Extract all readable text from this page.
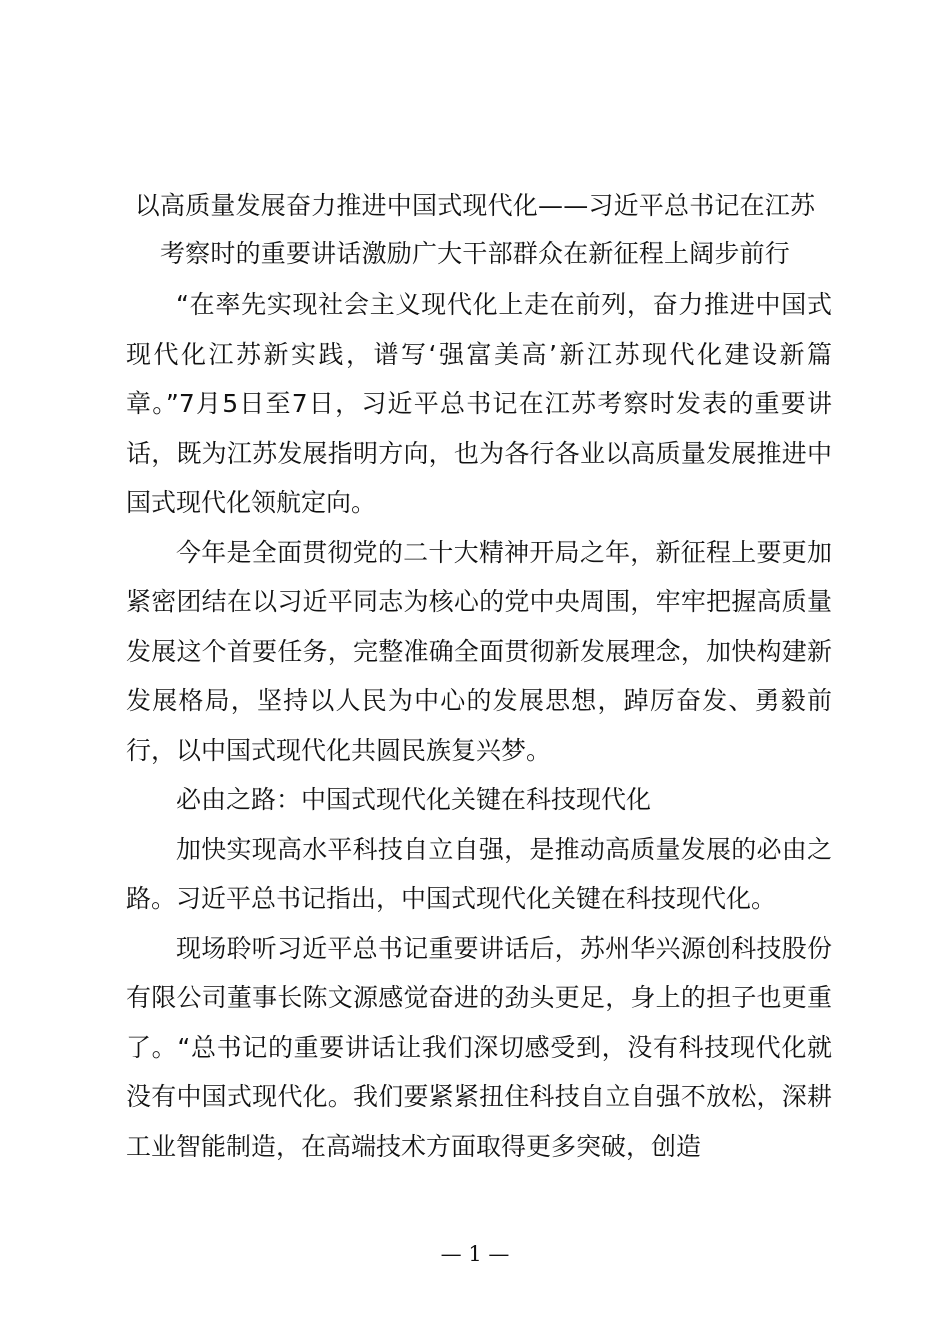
以高质量发展奋力推进中国式现代化——习近平总书记在江苏
考察时的重要讲话激励广大干部群众在新征程上阔步前行

“在率先实现社会主义现代化上走在前列，奋力推进中国式现代化江苏新实践，谱写‘强富美高’新江苏现代化建设新篇章。”7月5日至7日，习近平总书记在江苏考察时发表的重要讲话，既为江苏发展指明方向，也为各行各业以高质量发展推进中国式现代化领航定向。

今年是全面贯彻党的二十大精神开局之年，新征程上要更加紧密团结在以习近平同志为核心的党中央周围，牢牢把握高质量发展这个首要任务，完整准确全面贯彻新发展理念，加快构建新发展格局，坚持以人民为中心的发展思想，踔厉奋发、勇毅前行，以中国式现代化共圆民族复兴梦。

必由之路：中国式现代化关键在科技现代化

加快实现高水平科技自立自强，是推动高质量发展的必由之路。习近平总书记指出，中国式现代化关键在科技现代化。

现场聆听习近平总书记重要讲话后，苏州华兴源创科技股份有限公司董事长陈文源感觉奋进的劲头更足，身上的担子也更重了。“总书记的重要讲话让我们深切感受到，没有科技现代化就没有中国式现代化。我们要紧紧扭住科技自立自强不放松，深耕工业智能制造，在高端技术方面取得更多突破，创造

— 1 —
